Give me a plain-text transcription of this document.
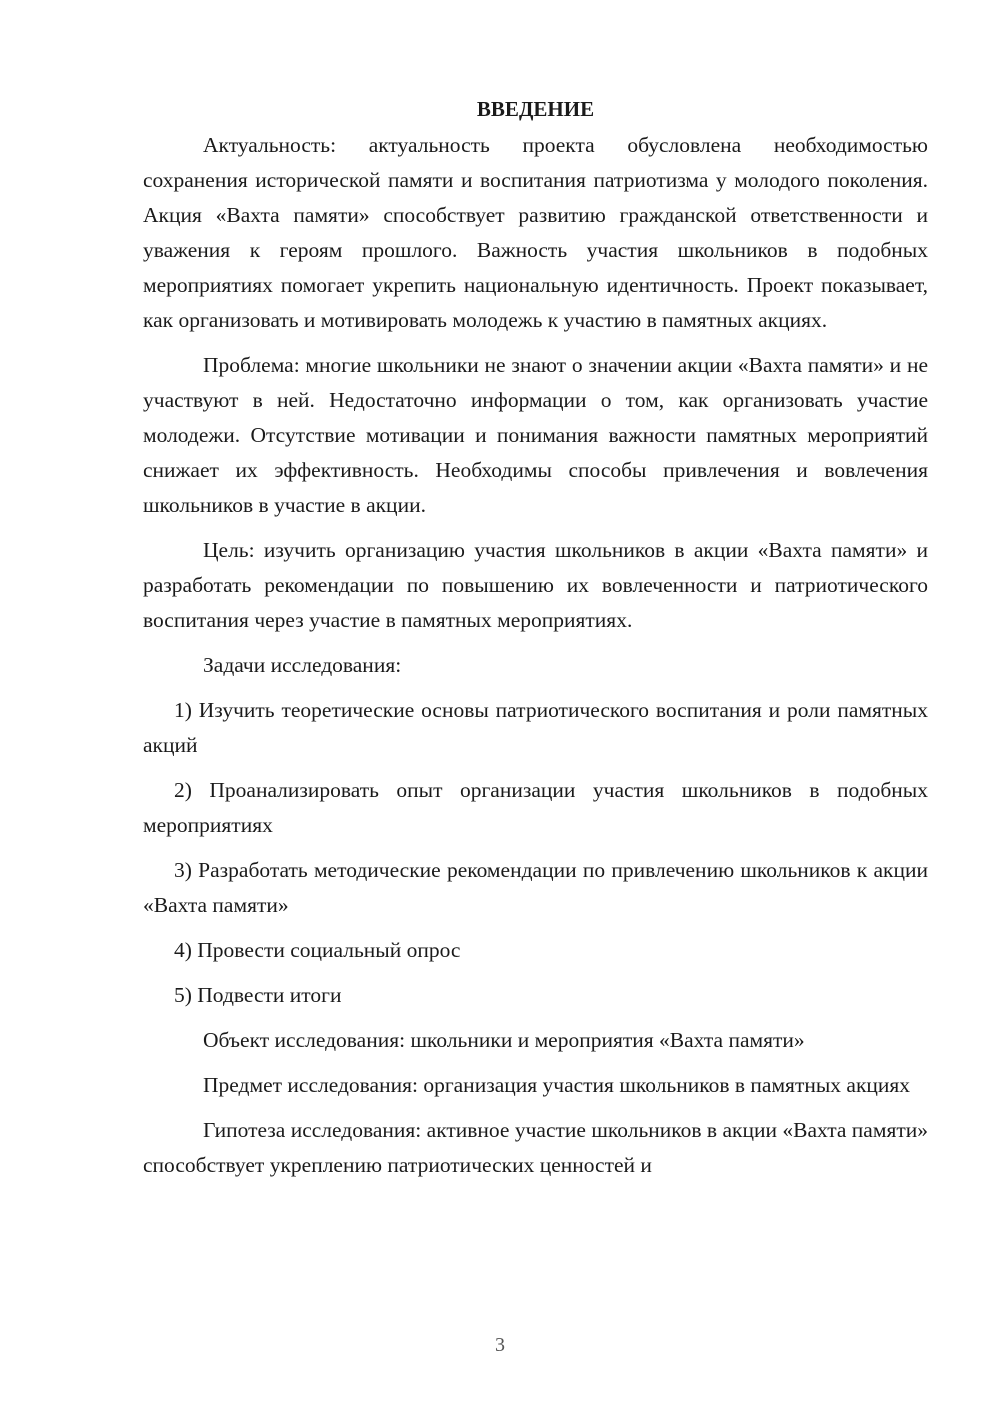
ВВЕДЕНИЕ

Актуальность: актуальность проекта обусловлена необходимостью сохранения исторической памяти и воспитания патриотизма у молодого поколения. Акция «Вахта памяти» способствует развитию гражданской ответственности и уважения к героям прошлого. Важность участия школьников в подобных мероприятиях помогает укрепить национальную идентичность. Проект показывает, как организовать и мотивировать молодежь к участию в памятных акциях.

Проблема: многие школьники не знают о значении акции «Вахта памяти» и не участвуют в ней. Недостаточно информации о том, как организовать участие молодежи. Отсутствие мотивации и понимания важности памятных мероприятий снижает их эффективность. Необходимы способы привлечения и вовлечения школьников в участие в акции.

Цель: изучить организацию участия школьников в акции «Вахта памяти» и разработать рекомендации по повышению их вовлеченности и патриотического воспитания через участие в памятных мероприятиях.

Задачи исследования:

1) Изучить теоретические основы патриотического воспитания и роли памятных акций

2) Проанализировать опыт организации участия школьников в подобных мероприятиях

3) Разработать методические рекомендации по привлечению школьников к акции «Вахта памяти»

4) Провести социальный опрос

5) Подвести итоги

Объект исследования: школьники и мероприятия «Вахта памяти»

Предмет исследования: организация участия школьников в памятных акциях

Гипотеза исследования: активное участие школьников в акции «Вахта памяти» способствует укреплению патриотических ценностей и

3
